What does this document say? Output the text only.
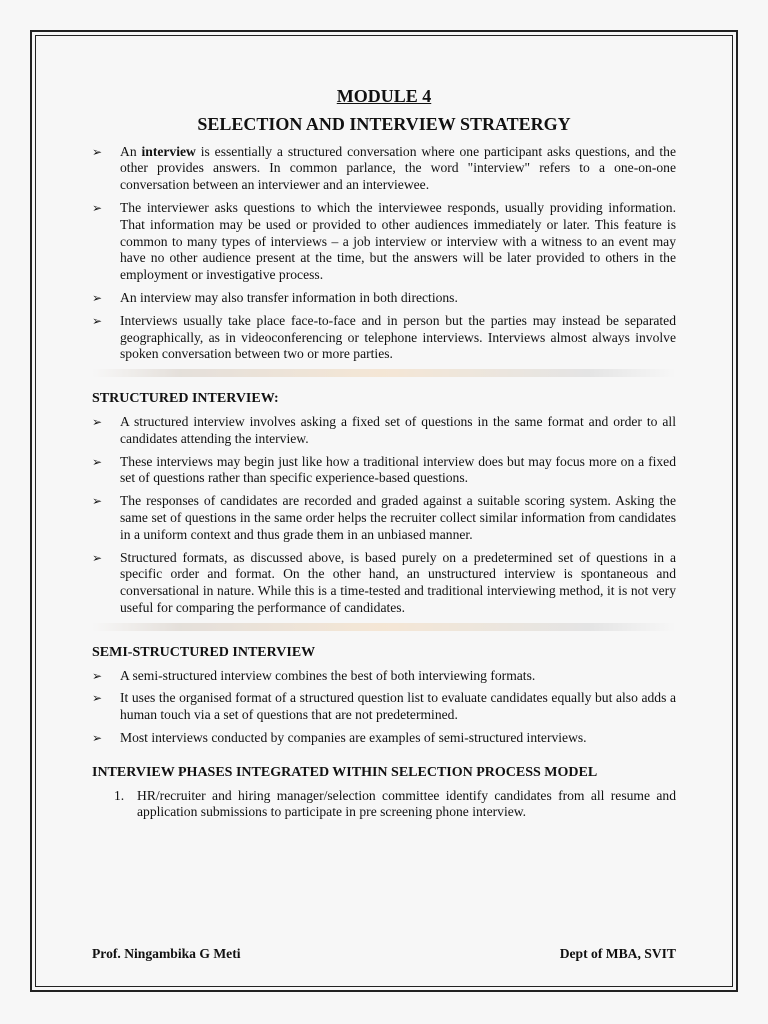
MODULE 4
SELECTION AND INTERVIEW STRATERGY
➢ An interview is essentially a structured conversation where one participant asks questions, and the other provides answers. In common parlance, the word "interview" refers to a one-on-one conversation between an interviewer and an interviewee.
➢ The interviewer asks questions to which the interviewee responds, usually providing information. That information may be used or provided to other audiences immediately or later. This feature is common to many types of interviews – a job interview or interview with a witness to an event may have no other audience present at the time, but the answers will be later provided to others in the employment or investigative process.
➢ An interview may also transfer information in both directions.
➢ Interviews usually take place face-to-face and in person but the parties may instead be separated geographically, as in videoconferencing or telephone interviews. Interviews almost always involve spoken conversation between two or more parties.
STRUCTURED INTERVIEW:
➢ A structured interview involves asking a fixed set of questions in the same format and order to all candidates attending the interview.
➢ These interviews may begin just like how a traditional interview does but may focus more on a fixed set of questions rather than specific experience-based questions.
➢ The responses of candidates are recorded and graded against a suitable scoring system. Asking the same set of questions in the same order helps the recruiter collect similar information from candidates in a uniform context and thus grade them in an unbiased manner.
➢ Structured formats, as discussed above, is based purely on a predetermined set of questions in a specific order and format. On the other hand, an unstructured interview is spontaneous and conversational in nature. While this is a time-tested and traditional interviewing method, it is not very useful for comparing the performance of candidates.
SEMI-STRUCTURED INTERVIEW
➢ A semi-structured interview combines the best of both interviewing formats.
➢ It uses the organised format of a structured question list to evaluate candidates equally but also adds a human touch via a set of questions that are not predetermined.
➢ Most interviews conducted by companies are examples of semi-structured interviews.
INTERVIEW PHASES INTEGRATED WITHIN SELECTION PROCESS MODEL
1. HR/recruiter and hiring manager/selection committee identify candidates from all resume and application submissions to participate in pre screening phone interview.
Prof. Ningambika G Meti	Dept of MBA, SVIT
